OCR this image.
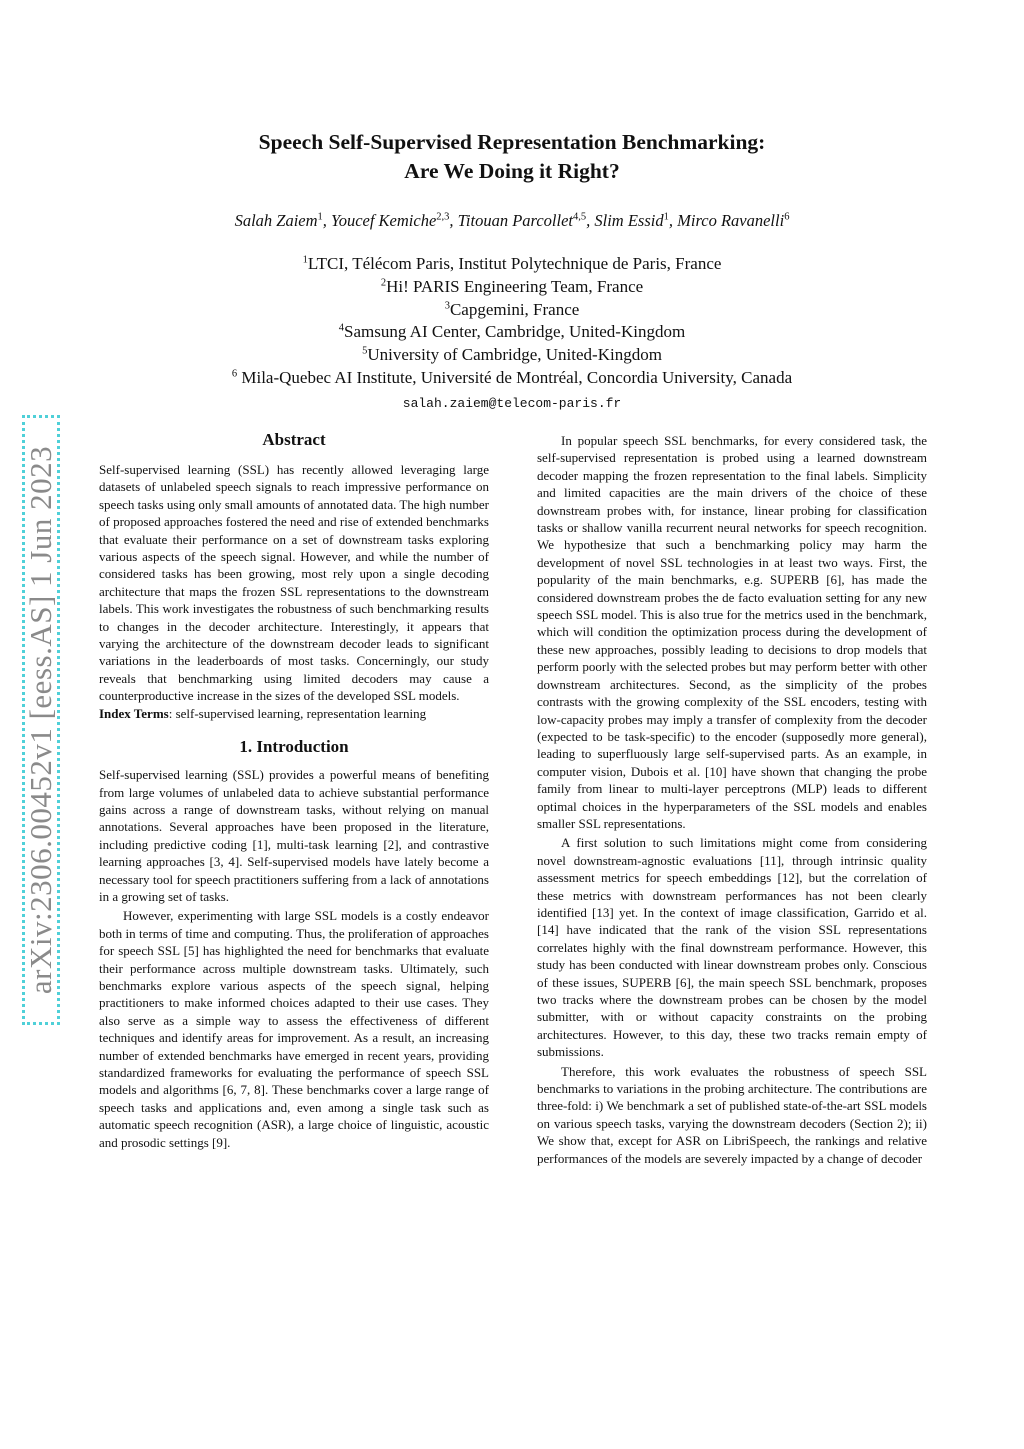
Speech Self-Supervised Representation Benchmarking:
Are We Doing it Right?
Salah Zaiem$^1$, Youcef Kemiche$^{2,3}$, Titouan Parcollet$^{4,5}$, Slim Essid$^1$, Mirco Ravanelli$^6$
$^1$LTCI, Télécom Paris, Institut Polytechnique de Paris, France
$^2$Hi! PARIS Engineering Team, France
$^3$Capgemini, France
$^4$Samsung AI Center, Cambridge, United-Kingdom
$^5$University of Cambridge, United-Kingdom
$^6$ Mila-Quebec AI Institute, Université de Montréal, Concordia University, Canada
salah.zaiem@telecom-paris.fr
arXiv:2306.00452v1 [eess.AS] 1 Jun 2023
Abstract

Self-supervised learning (SSL) has recently allowed leveraging large datasets of unlabeled speech signals to reach impressive performance on speech tasks using only small amounts of annotated data. The high number of proposed approaches fostered the need and rise of extended benchmarks that evaluate their performance on a set of downstream tasks exploring various aspects of the speech signal. However, and while the number of considered tasks has been growing, most rely upon a single decoding architecture that maps the frozen SSL representations to the downstream labels. This work investigates the robustness of such benchmarking results to changes in the decoder architecture. Interestingly, it appears that varying the architecture of the downstream decoder leads to significant variations in the leaderboards of most tasks. Concerningly, our study reveals that benchmarking using limited decoders may cause a counterproductive increase in the sizes of the developed SSL models.

Index Terms: self-supervised learning, representation learning

1. Introduction

Self-supervised learning (SSL) provides a powerful means of benefiting from large volumes of unlabeled data to achieve substantial performance gains across a range of downstream tasks, without relying on manual annotations. Several approaches have been proposed in the literature, including predictive coding [1], multi-task learning [2], and contrastive learning approaches [3, 4]. Self-supervised models have lately become a necessary tool for speech practitioners suffering from a lack of annotations in a growing set of tasks.

However, experimenting with large SSL models is a costly endeavor both in terms of time and computing. Thus, the proliferation of approaches for speech SSL [5] has highlighted the need for benchmarks that evaluate their performance across multiple downstream tasks. Ultimately, such benchmarks explore various aspects of the speech signal, helping practitioners to make informed choices adapted to their use cases. They also serve as a simple way to assess the effectiveness of different techniques and identify areas for improvement. As a result, an increasing number of extended benchmarks have emerged in recent years, providing standardized frameworks for evaluating the performance of speech SSL models and algorithms [6, 7, 8]. These benchmarks cover a large range of speech tasks and applications and, even among a single task such as automatic speech recognition (ASR), a large choice of linguistic, acoustic and prosodic settings [9].

In popular speech SSL benchmarks, for every considered task, the self-supervised representation is probed using a learned downstream decoder mapping the frozen representation to the final labels. Simplicity and limited capacities are the main drivers of the choice of these downstream probes with, for instance, linear probing for classification tasks or shallow vanilla recurrent neural networks for speech recognition. We hypothesize that such a benchmarking policy may harm the development of novel SSL technologies in at least two ways. First, the popularity of the main benchmarks, e.g. SUPERB [6], has made the considered downstream probes the de facto evaluation setting for any new speech SSL model. This is also true for the metrics used in the benchmark, which will condition the optimization process during the development of these new approaches, possibly leading to decisions to drop models that perform poorly with the selected probes but may perform better with other downstream architectures. Second, as the simplicity of the probes contrasts with the growing complexity of the SSL encoders, testing with low-capacity probes may imply a transfer of complexity from the decoder (expected to be task-specific) to the encoder (supposedly more general), leading to superfluously large self-supervised parts. As an example, in computer vision, Dubois et al. [10] have shown that changing the probe family from linear to multi-layer perceptrons (MLP) leads to different optimal choices in the hyperparameters of the SSL models and enables smaller SSL representations.

A first solution to such limitations might come from considering novel downstream-agnostic evaluations [11], through intrinsic quality assessment metrics for speech embeddings [12], but the correlation of these metrics with downstream performances has not been clearly identified [13] yet. In the context of image classification, Garrido et al. [14] have indicated that the rank of the vision SSL representations correlates highly with the final downstream performance. However, this study has been conducted with linear downstream probes only. Conscious of these issues, SUPERB [6], the main speech SSL benchmark, proposes two tracks where the downstream probes can be chosen by the model submitter, with or without capacity constraints on the probing architectures. However, to this day, these two tracks remain empty of submissions.

Therefore, this work evaluates the robustness of speech SSL benchmarks to variations in the probing architecture. The contributions are three-fold: i) We benchmark a set of published state-of-the-art SSL models on various speech tasks, varying the downstream decoders (Section 2); ii) We show that, except for ASR on LibriSpeech, the rankings and relative performances of the models are severely impacted by a change of decoder
